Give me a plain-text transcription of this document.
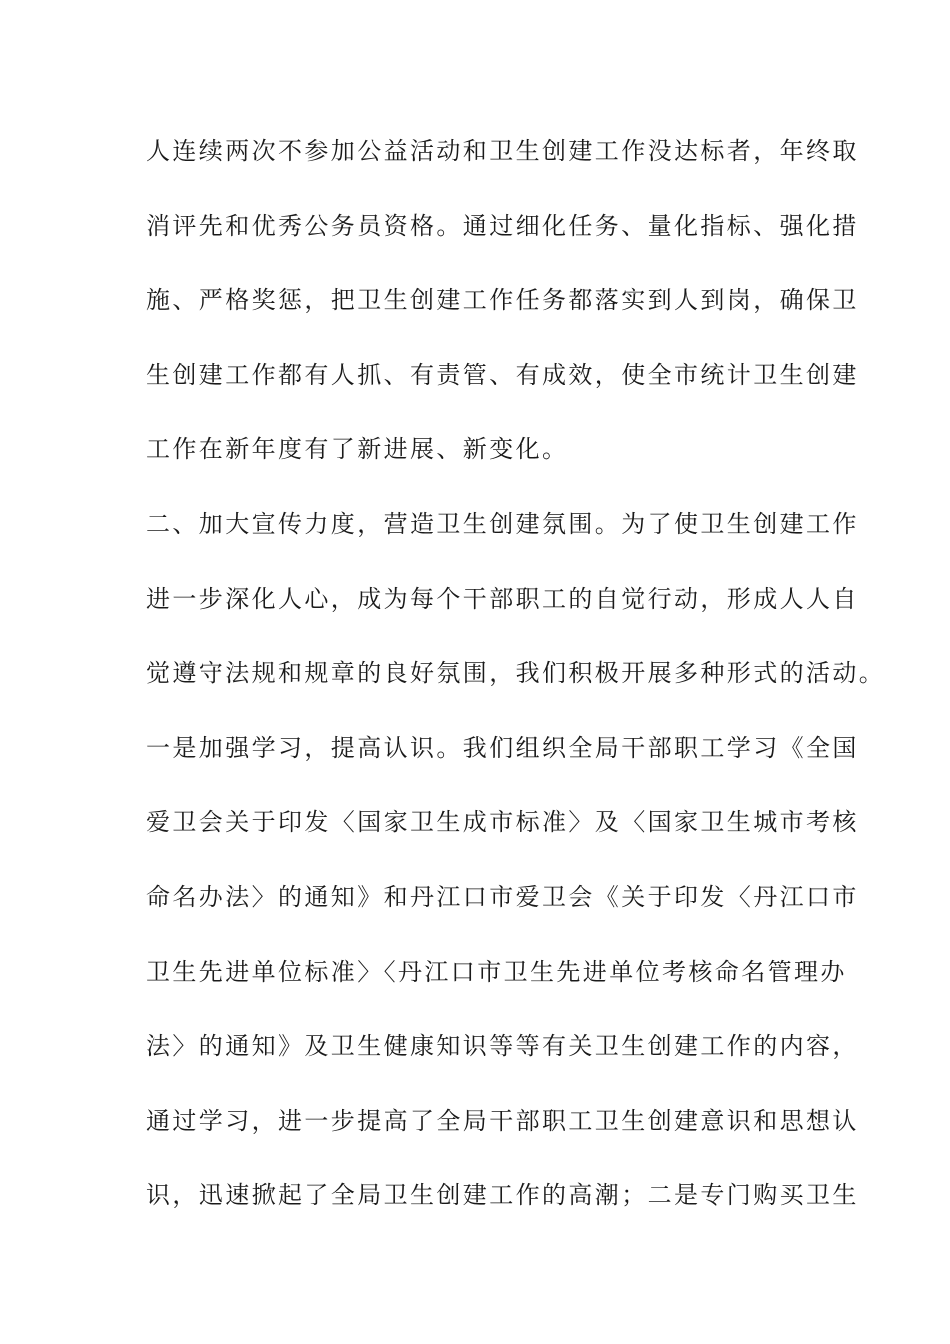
人连续两次不参加公益活动和卫生创建工作没达标者，年终取
消评先和优秀公务员资格。通过细化任务、量化指标、强化措
施、严格奖惩，把卫生创建工作任务都落实到人到岗，确保卫
生创建工作都有人抓、有责管、有成效，使全市统计卫生创建
工作在新年度有了新进展、新变化。
二、加大宣传力度，营造卫生创建氛围。为了使卫生创建工作
进一步深化人心，成为每个干部职工的自觉行动，形成人人自
觉遵守法规和规章的良好氛围，我们积极开展多种形式的活动。
一是加强学习，提高认识。我们组织全局干部职工学习《全国
爱卫会关于印发〈国家卫生成市标准〉及〈国家卫生城市考核
命名办法〉的通知》和丹江口市爱卫会《关于印发〈丹江口市
卫生先进单位标准〉〈丹江口市卫生先进单位考核命名管理办
法〉的通知》及卫生健康知识等等有关卫生创建工作的内容，
通过学习，进一步提高了全局干部职工卫生创建意识和思想认
识，迅速掀起了全局卫生创建工作的高潮；二是专门购买卫生
